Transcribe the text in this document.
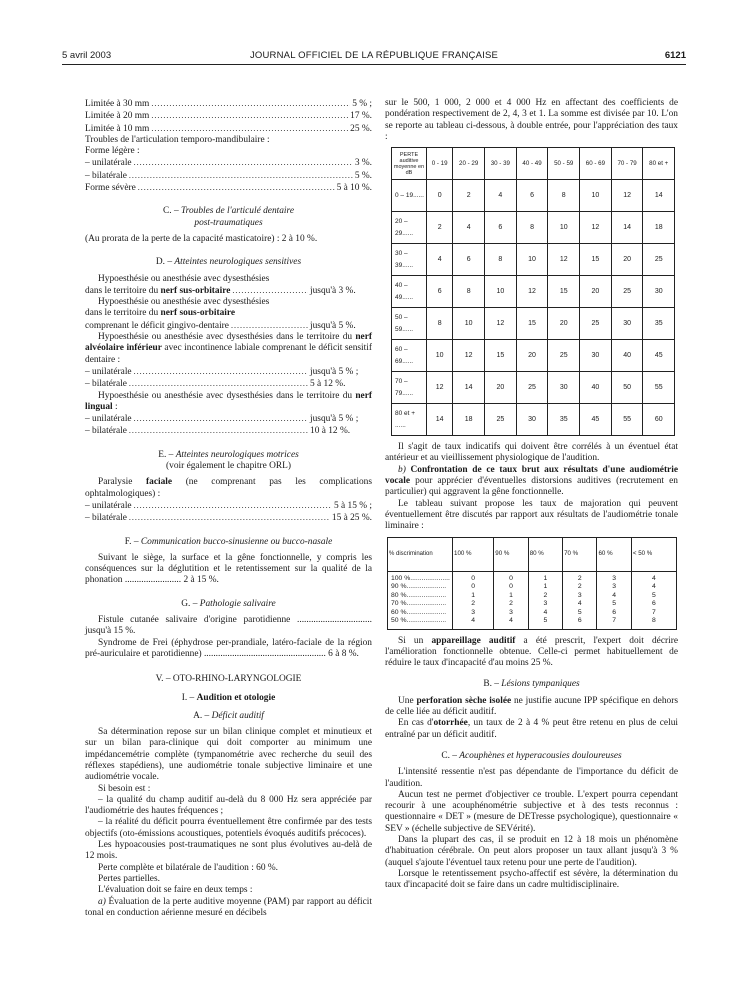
5 avril 2003	JOURNAL OFFICIEL DE LA RÉPUBLIQUE FRANÇAISE	6121
Limitée à 30 mm .....	5 % ;
Limitée à 20 mm .....	17 %.
Limitée à 10 mm .....	25 %.

Troubles de l'articulation temporo-mandibulaire :

Forme légère :

– unilatérale .....	3 %.
– bilatérale .....	5 %.
Forme sévère .....	5 à 10 %.
C. – Troubles de l'articulé dentaire
post-traumatiques

(Au prorata de la perte de la capacité masticatoire) : 2 à 10 %.

D. – Atteintes neurologiques sensitives

Hypoesthésie ou anesthésie avec dysesthésies

dans le territoire du nerf sus-orbitaire .....	jusqu'à 3 %.

Hypoesthésie ou anesthésie avec dysesthésies

dans le territoire du nerf sous-orbitaire

comprenant le déficit gingivo-dentaire .....	jusqu'à 5 %.

Hypoesthésie ou anesthésie avec dysesthésies dans le territoire du nerf alvéolaire inférieur avec incontinence labiale comprenant le déficit sensitif dentaire :

– unilatérale .....	jusqu'à 5 % ;
– bilatérale .....	5 à 12 %.

Hypoesthésie ou anesthésie avec dysesthésies dans le territoire du nerf lingual :

– unilatérale .....	jusqu'à 5 % ;
– bilatérale .....	10 à 12 %.
E. – Atteintes neurologiques motrices
(voir également le chapitre ORL)

Paralysie faciale (ne comprenant pas les complications ophtalmologiques) :

– unilatérale .....	5 à 15 % ;
– bilatérale .....	15 à 25 %.
F. – Communication bucco-sinusienne ou bucco-nasale

Suivant le siège, la surface et la gêne fonctionnelle, y compris les conséquences sur la déglutition et le retentissement sur la qualité de la phonation ........................ 2 à 15 %.

G. – Pathologie salivaire

Fistule cutanée salivaire d'origine parotidienne ................................ jusqu'à 15 %.

Syndrome de Frei (éphydrose per-prandiale, latéro-faciale de la région pré-auriculaire et parotidienne) .................................................... 6 à 8 %.

V. – OTO-RHINO-LARYNGOLOGIE
I. – Audition et otologie
A. – Déficit auditif

Sa détermination repose sur un bilan clinique complet et minutieux et sur un bilan para-clinique qui doit comporter au minimum une impédancemétrie complète (tympanométrie avec recherche du seuil des réflexes stapédiens), une audiométrie tonale subjective liminaire et une audiométrie vocale.

Si besoin est :

– la qualité du champ auditif au-delà du 8 000 Hz sera appréciée par l'audiométrie des hautes fréquences ;

– la réalité du déficit pourra éventuellement être confirmée par des tests objectifs (oto-émissions acoustiques, potentiels évoqués auditifs précoces).

Les hypoacousies post-traumatiques ne sont plus évolutives au-delà de 12 mois.

Perte complète et bilatérale de l'audition : 60 %.

Pertes partielles.

L'évaluation doit se faire en deux temps :

a) Évaluation de la perte auditive moyenne (PAM) par rapport au déficit tonal en conduction aérienne mesuré en décibels

sur le 500, 1 000, 2 000 et 4 000 Hz en affectant des coefficients de pondération respectivement de 2, 4, 3 et 1. La somme est divisée par 10. L'on se reporte au tableau ci-dessous, à double entrée, pour l'appréciation des taux :

PERTE auditive moyenne en dB	0 - 19	20 - 29	30 - 39	40 - 49	50 - 59	60 - 69	70 - 79	80 et +
0 – 19......	0	2	4	6	8	10	12	14
20 – 29......	2	4	6	8	10	12	14	18
30 – 39......	4	6	8	10	12	15	20	25
40 – 49......	6	8	10	12	15	20	25	30
50 – 59......	8	10	12	15	20	25	30	35
60 – 69......	10	12	15	20	25	30	40	45
70 – 79......	12	14	20	25	30	40	50	55
80 et + ......	14	18	25	30	35	45	55	60

Il s'agit de taux indicatifs qui doivent être corrélés à un éventuel état antérieur et au vieillissement physiologique de l'audition.

b) Confrontation de ce taux brut aux résultats d'une audiométrie vocale pour apprécier d'éventuelles distorsions auditives (recrutement en particulier) qui aggravent la gêne fonctionnelle.

Le tableau suivant propose les taux de majoration qui peuvent éventuellement être discutés par rapport aux résultats de l'audiométrie tonale liminaire :

% discrimination	100 %	90 %	80 %	70 %	60 %	< 50 %
100 %.....................	0	0	1	2	3	4
90 %.....................	0	0	1	2	3	4
80 %.....................	1	1	2	3	4	5
70 %.....................	2	2	3	4	5	6
60 %.....................	3	3	4	5	6	7
50 %.....................	4	4	5	6	7	8

Si un appareillage auditif a été prescrit, l'expert doit décrire l'amélioration fonctionnelle obtenue. Celle-ci permet habituellement de réduire le taux d'incapacité d'au moins 25 %.

B. – Lésions tympaniques

Une perforation sèche isolée ne justifie aucune IPP spécifique en dehors de celle liée au déficit auditif.

En cas d'otorrhée, un taux de 2 à 4 % peut être retenu en plus de celui entraîné par un déficit auditif.

C. – Acouphènes et hyperacousies douloureuses

L'intensité ressentie n'est pas dépendante de l'importance du déficit de l'audition.

Aucun test ne permet d'objectiver ce trouble. L'expert pourra cependant recourir à une acouphénométrie subjective et à des tests reconnus : questionnaire « DET » (mesure de DETresse psychologique), questionnaire « SEV » (échelle subjective de SEVérité).

Dans la plupart des cas, il se produit en 12 à 18 mois un phénomène d'habituation cérébrale. On peut alors proposer un taux allant jusqu'à 3 % (auquel s'ajoute l'éventuel taux retenu pour une perte de l'audition).

Lorsque le retentissement psycho-affectif est sévère, la détermination du taux d'incapacité doit se faire dans un cadre multidisciplinaire.
